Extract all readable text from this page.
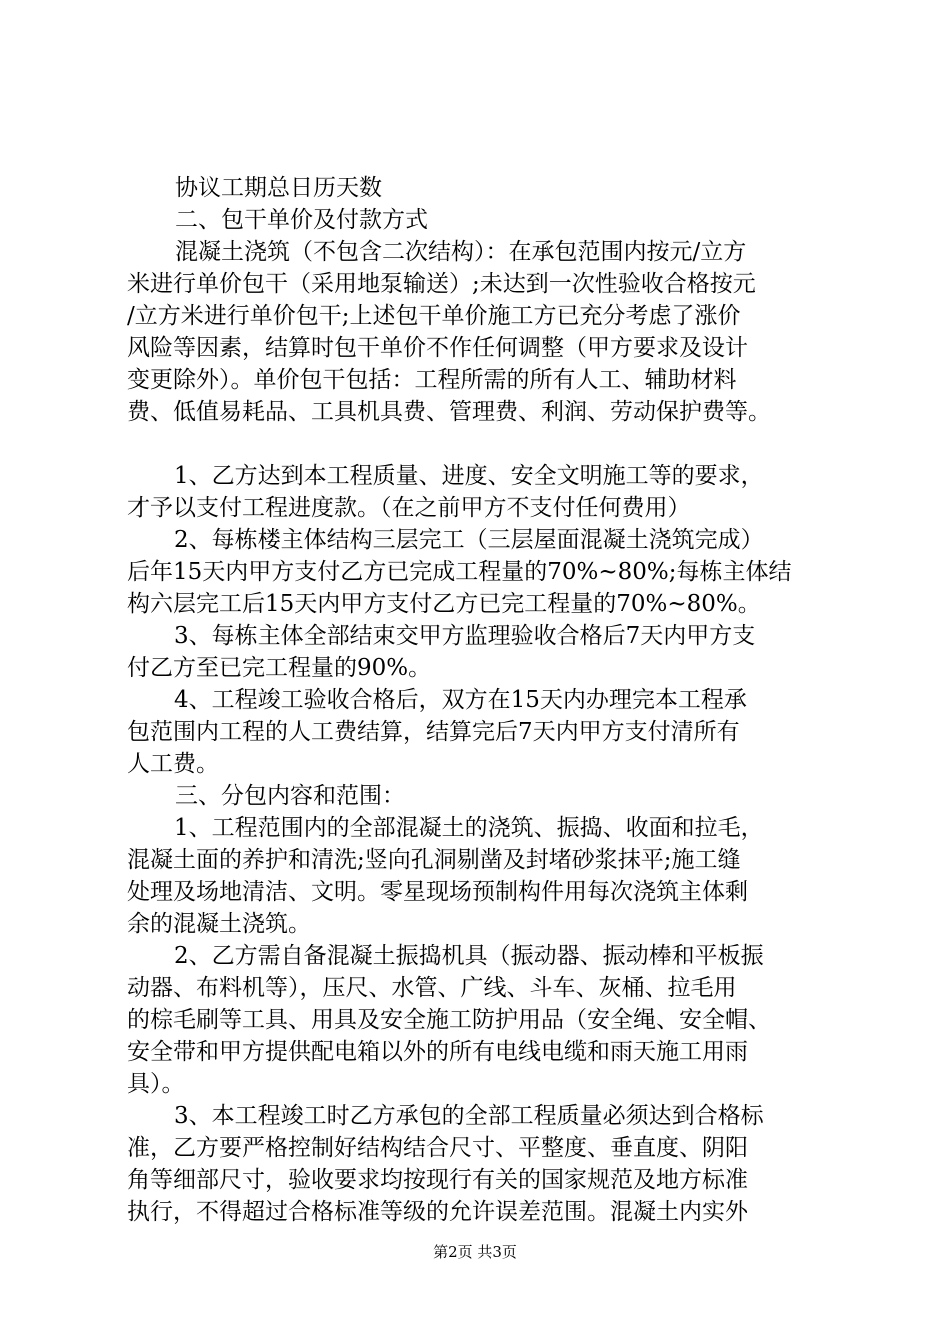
协议工期总日历天数
二、包干单价及付款方式
混凝土浇筑（不包含二次结构）：在承包范围内按元/立方
米进行单价包干（采用地泵输送）;未达到一次性验收合格按元
/立方米进行单价包干;上述包干单价施工方已充分考虑了涨价
风险等因素，结算时包干单价不作任何调整（甲方要求及设计
变更除外）。单价包干包括：工程所需的所有人工、辅助材料
费、低值易耗品、工具机具费、管理费、利润、劳动保护费等。
1、乙方达到本工程质量、进度、安全文明施工等的要求，
才予以支付工程进度款。（在之前甲方不支付任何费用）
2、每栋楼主体结构三层完工（三层屋面混凝土浇筑完成）
后年15天内甲方支付乙方已完成工程量的70%~80%;每栋主体结
构六层完工后15天内甲方支付乙方已完工程量的70%~80%。
3、每栋主体全部结束交甲方监理验收合格后7天内甲方支
付乙方至已完工程量的90%。
4、工程竣工验收合格后，双方在15天内办理完本工程承
包范围内工程的人工费结算，结算完后7天内甲方支付清所有
人工费。
三、分包内容和范围：
1、工程范围内的全部混凝土的浇筑、振捣、收面和拉毛，
混凝土面的养护和清洗;竖向孔洞剔凿及封堵砂浆抹平;施工缝
处理及场地清洁、文明。零星现场预制构件用每次浇筑主体剩
余的混凝土浇筑。
2、乙方需自备混凝土振捣机具（振动器、振动棒和平板振
动器、布料机等），压尺、水管、广线、斗车、灰桶、拉毛用
的棕毛刷等工具、用具及安全施工防护用品（安全绳、安全帽、
安全带和甲方提供配电箱以外的所有电线电缆和雨天施工用雨
具）。
3、本工程竣工时乙方承包的全部工程质量必须达到合格标
准，乙方要严格控制好结构结合尺寸、平整度、垂直度、阴阳
角等细部尺寸，验收要求均按现行有关的国家规范及地方标准
执行，不得超过合格标准等级的允许误差范围。混凝土内实外
第2页 共3页
